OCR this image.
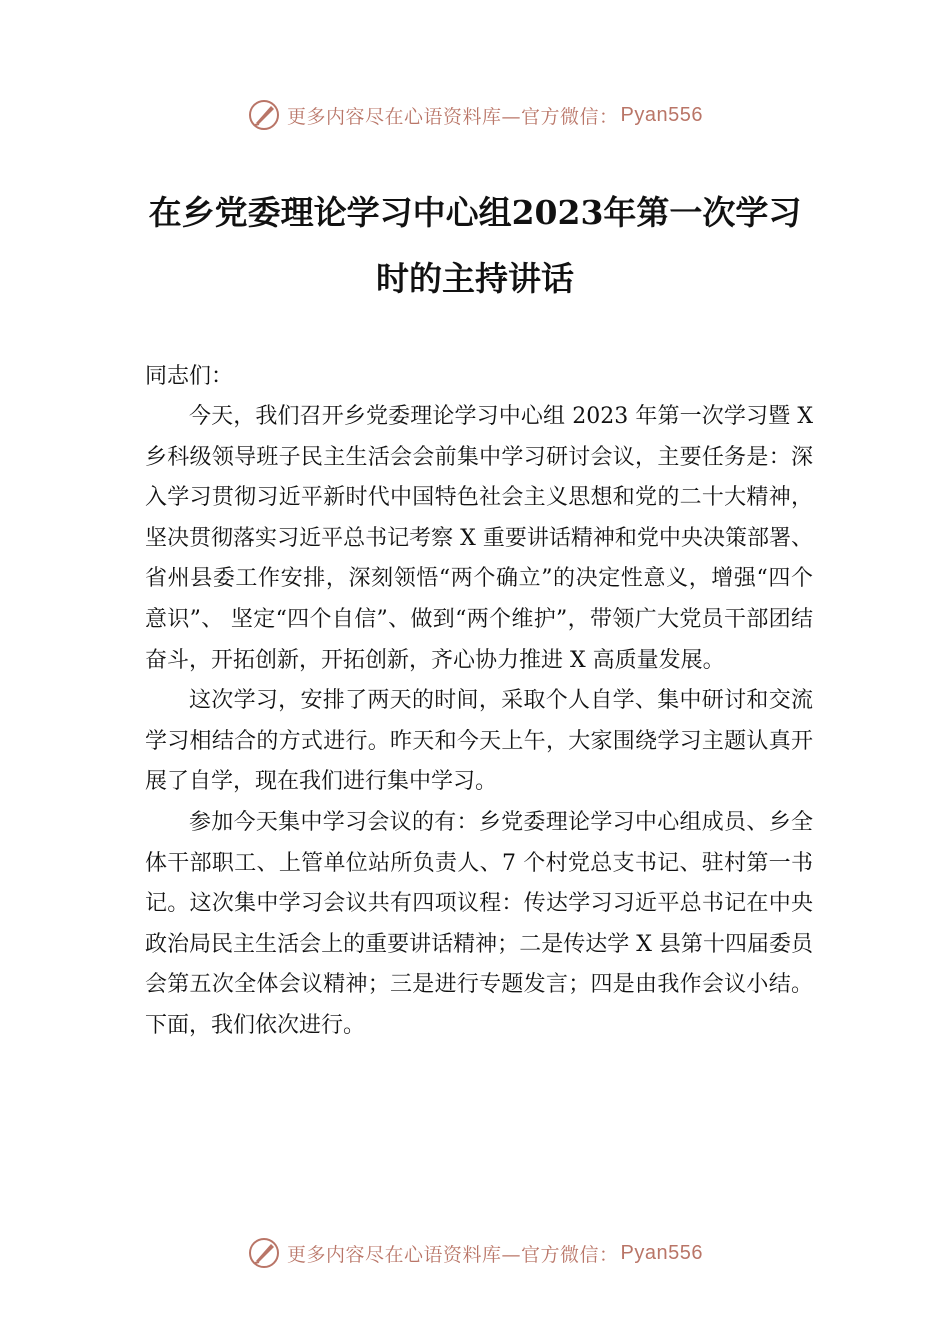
更多内容尽在心语资料库—官方微信： Pyan556
在乡党委理论学习中心组2023年第一次学习时的主持讲话

同志们：

今天，我们召开乡党委理论学习中心组 2023 年第一次学习暨 X 乡科级领导班子民主生活会会前集中学习研讨会议，主要任务是：深入学习贯彻习近平新时代中国特色社会主义思想和党的二十大精神，坚决贯彻落实习近平总书记考察 X 重要讲话精神和党中央决策部署、省州县委工作安排，深刻领悟“两个确立”的决定性意义，增强“四个意识”、 坚定“四个自信”、做到“两个维护”，带领广大党员干部团结奋斗，开拓创新，开拓创新，齐心协力推进 X 高质量发展。

这次学习，安排了两天的时间，采取个人自学、集中研讨和交流学习相结合的方式进行。昨天和今天上午，大家围绕学习主题认真开展了自学，现在我们进行集中学习。

参加今天集中学习会议的有：乡党委理论学习中心组成员、乡全体干部职工、上管单位站所负责人、7 个村党总支书记、驻村第一书记。这次集中学习会议共有四项议程：传达学习习近平总书记在中央政治局民主生活会上的重要讲话精神；二是传达学 X 县第十四届委员会第五次全体会议精神；三是进行专题发言；四是由我作会议小结。下面，我们依次进行。

更多内容尽在心语资料库—官方微信： Pyan556
